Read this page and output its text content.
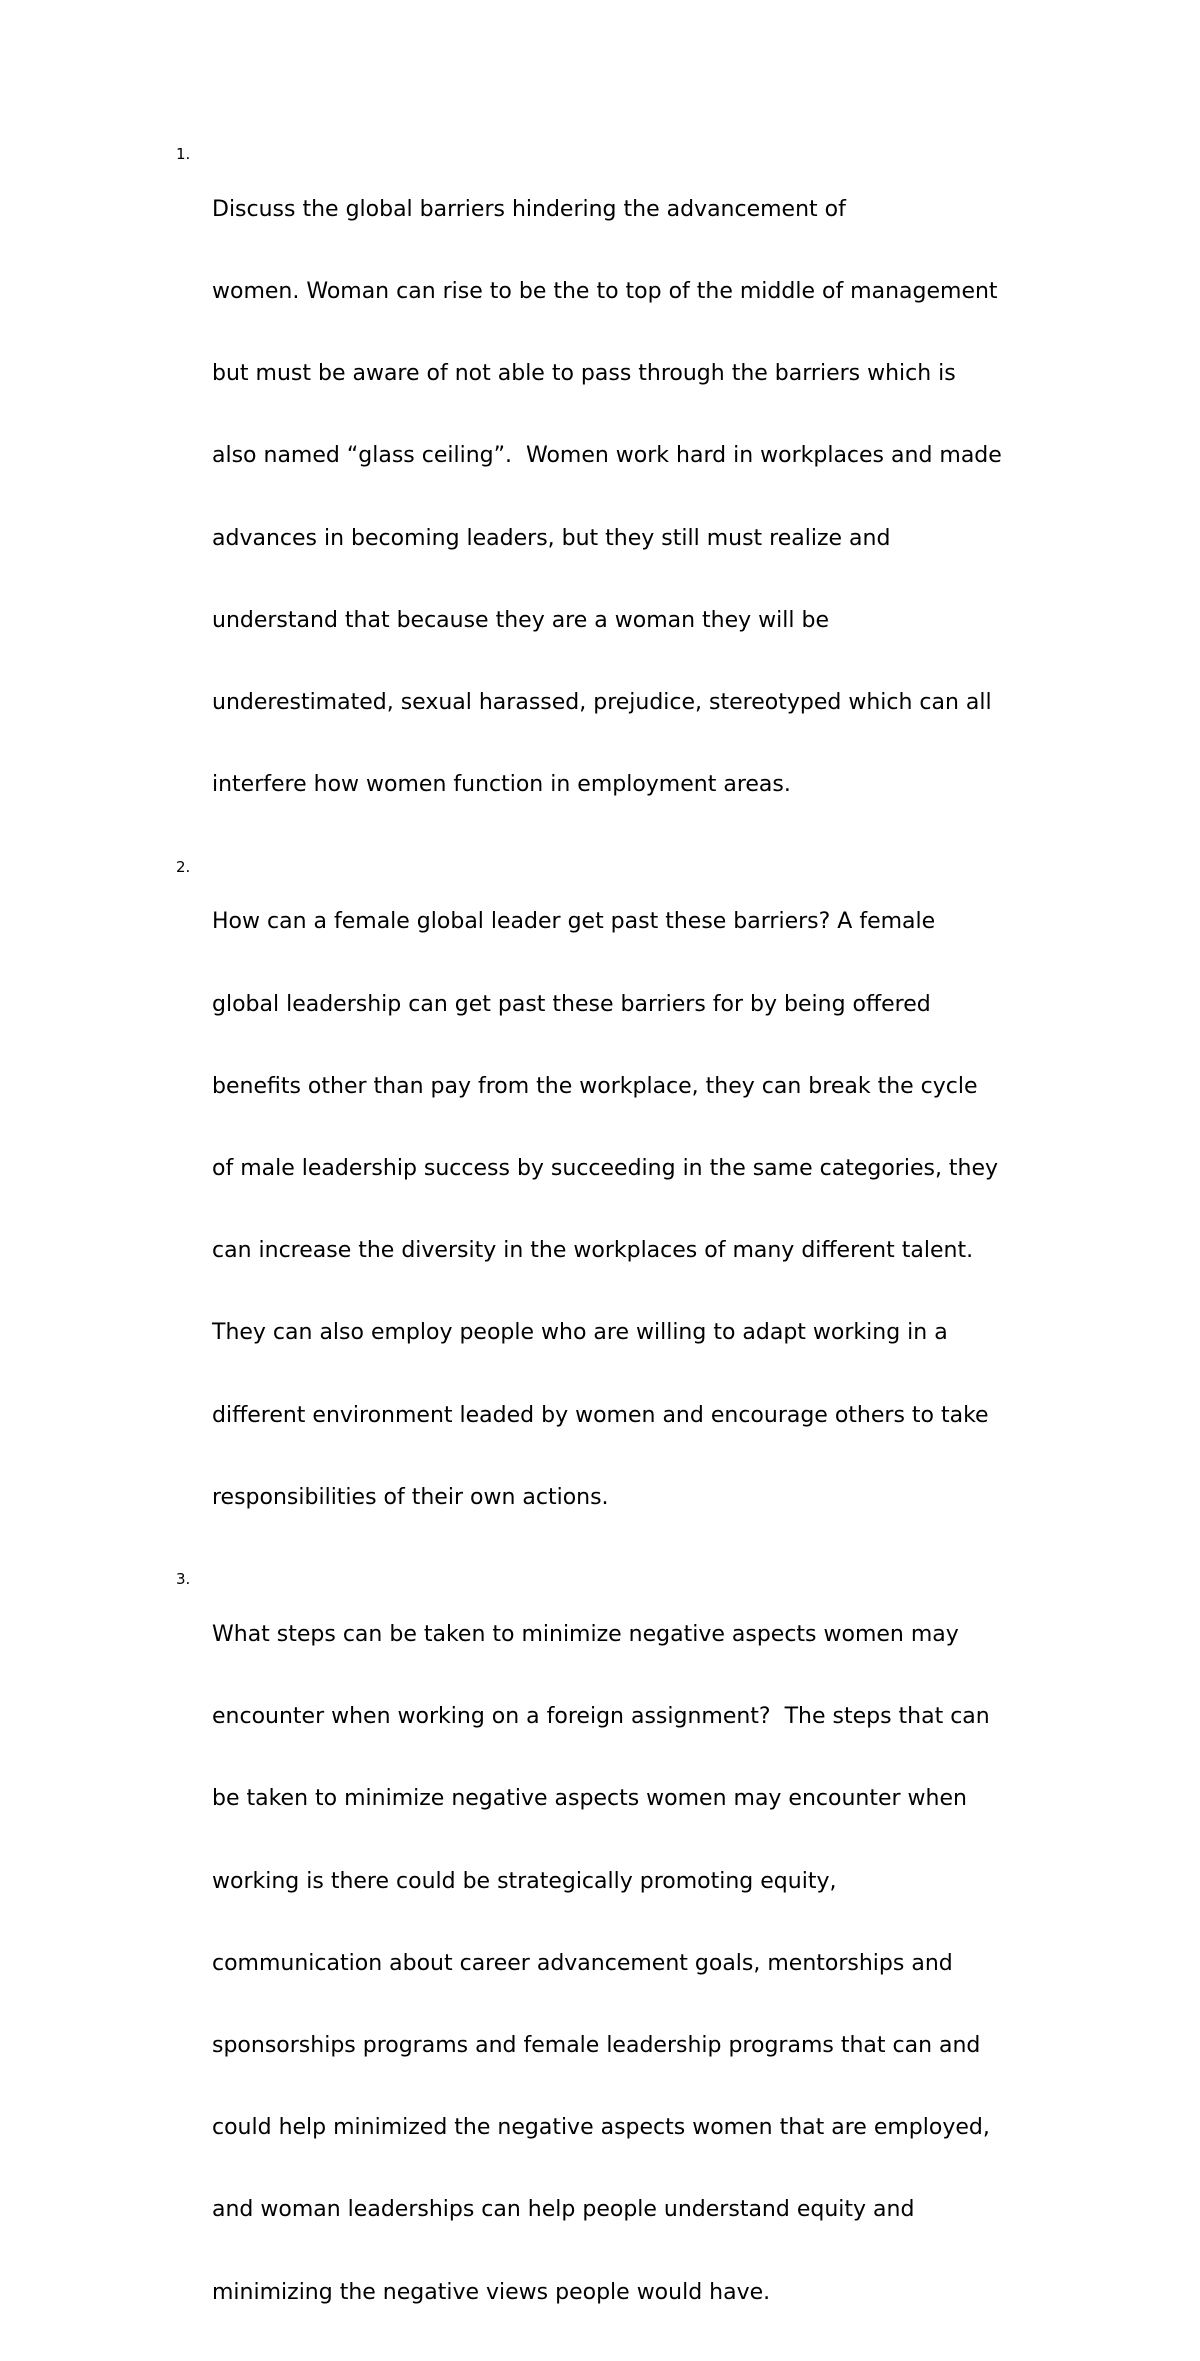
1.

Discuss the global barriers hindering the advancement of

women. Woman can rise to be the to top of the middle of management

but must be aware of not able to pass through the barriers which is

also named “glass ceiling”.  Women work hard in workplaces and made

advances in becoming leaders, but they still must realize and

understand that because they are a woman they will be

underestimated, sexual harassed, prejudice, stereotyped which can all

interfere how women function in employment areas.

2.

How can a female global leader get past these barriers? A female

global leadership can get past these barriers for by being offered

benefits other than pay from the workplace, they can break the cycle

of male leadership success by succeeding in the same categories, they

can increase the diversity in the workplaces of many different talent.

They can also employ people who are willing to adapt working in a

different environment leaded by women and encourage others to take

responsibilities of their own actions.

3.

What steps can be taken to minimize negative aspects women may

encounter when working on a foreign assignment?  The steps that can

be taken to minimize negative aspects women may encounter when

working is there could be strategically promoting equity,

communication about career advancement goals, mentorships and

sponsorships programs and female leadership programs that can and

could help minimized the negative aspects women that are employed,

and woman leaderships can help people understand equity and

minimizing the negative views people would have.
